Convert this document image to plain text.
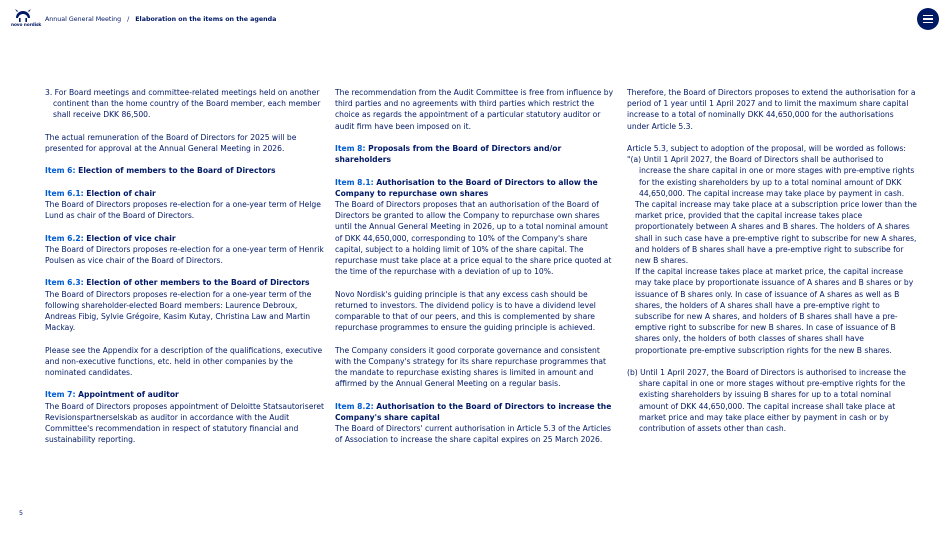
novo nordisk
Annual General Meeting / Elaboration on the items on the agenda

3. For Board meetings and committee-related meetings held on another continent than the home country of the Board member, each member shall receive DKK 86,500.

The actual remuneration of the Board of Directors for 2025 will be presented for approval at the Annual General Meeting in 2026.

Item 6: Election of members to the Board of Directors

Item 6.1: Election of chair

The Board of Directors proposes re-election for a one-year term of Helge Lund as chair of the Board of Directors.

Item 6.2: Election of vice chair

The Board of Directors proposes re-election for a one-year term of Henrik Poulsen as vice chair of the Board of Directors.

Item 6.3: Election of other members to the Board of Directors

The Board of Directors proposes re-election for a one-year term of the following shareholder-elected Board members: Laurence Debroux, Andreas Fibig, Sylvie Grégoire, Kasim Kutay, Christina Law and Martin Mackay.

Please see the Appendix for a description of the qualifications, executive and non-executive functions, etc. held in other companies by the nominated candidates.

Item 7: Appointment of auditor

The Board of Directors proposes appointment of Deloitte Statsautoriseret Revisionspartnerselskab as auditor in accordance with the Audit Committee's recommendation in respect of statutory financial and sustainability reporting.

The recommendation from the Audit Committee is free from influence by third parties and no agreements with third parties which restrict the choice as regards the appointment of a particular statutory auditor or audit firm have been imposed on it.

Item 8: Proposals from the Board of Directors and/or shareholders

Item 8.1: Authorisation to the Board of Directors to allow the Company to repurchase own shares

The Board of Directors proposes that an authorisation of the Board of Directors be granted to allow the Company to repurchase own shares until the Annual General Meeting in 2026, up to a total nominal amount of DKK 44,650,000, corresponding to 10% of the Company's share capital, subject to a holding limit of 10% of the share capital. The repurchase must take place at a price equal to the share price quoted at the time of the repurchase with a deviation of up to 10%.

Novo Nordisk's guiding principle is that any excess cash should be returned to investors. The dividend policy is to have a dividend level comparable to that of our peers, and this is complemented by share repurchase programmes to ensure the guiding principle is achieved.

The Company considers it good corporate governance and consistent with the Company's strategy for its share repurchase programmes that the mandate to repurchase existing shares is limited in amount and affirmed by the Annual General Meeting on a regular basis.

Item 8.2: Authorisation to the Board of Directors to increase the Company's share capital

The Board of Directors' current authorisation in Article 5.3 of the Articles of Association to increase the share capital expires on 25 March 2026.

Therefore, the Board of Directors proposes to extend the authorisation for a period of 1 year until 1 April 2027 and to limit the maximum share capital increase to a total of nominally DKK 44,650,000 for the authorisations under Article 5.3.

Article 5.3, subject to adoption of the proposal, will be worded as follows:

"(a) Until 1 April 2027, the Board of Directors shall be authorised to increase the share capital in one or more stages with pre-emptive rights for the existing shareholders by up to a total nominal amount of DKK 44,650,000. The capital increase may take place by payment in cash.

The capital increase may take place at a subscription price lower than the market price, provided that the capital increase takes place proportionately between A shares and B shares. The holders of A shares shall in such case have a pre-emptive right to subscribe for new A shares, and holders of B shares shall have a pre-emptive right to subscribe for new B shares.

If the capital increase takes place at market price, the capital increase may take place by proportionate issuance of A shares and B shares or by issuance of B shares only. In case of issuance of A shares as well as B shares, the holders of A shares shall have a pre-emptive right to subscribe for new A shares, and holders of B shares shall have a pre-emptive right to subscribe for new B shares. In case of issuance of B shares only, the holders of both classes of shares shall have proportionate pre-emptive subscription rights for the new B shares.

(b) Until 1 April 2027, the Board of Directors is authorised to increase the share capital in one or more stages without pre-emptive rights for the existing shareholders by issuing B shares for up to a total nominal amount of DKK 44,650,000. The capital increase shall take place at market price and may take place either by payment in cash or by contribution of assets other than cash.

5
